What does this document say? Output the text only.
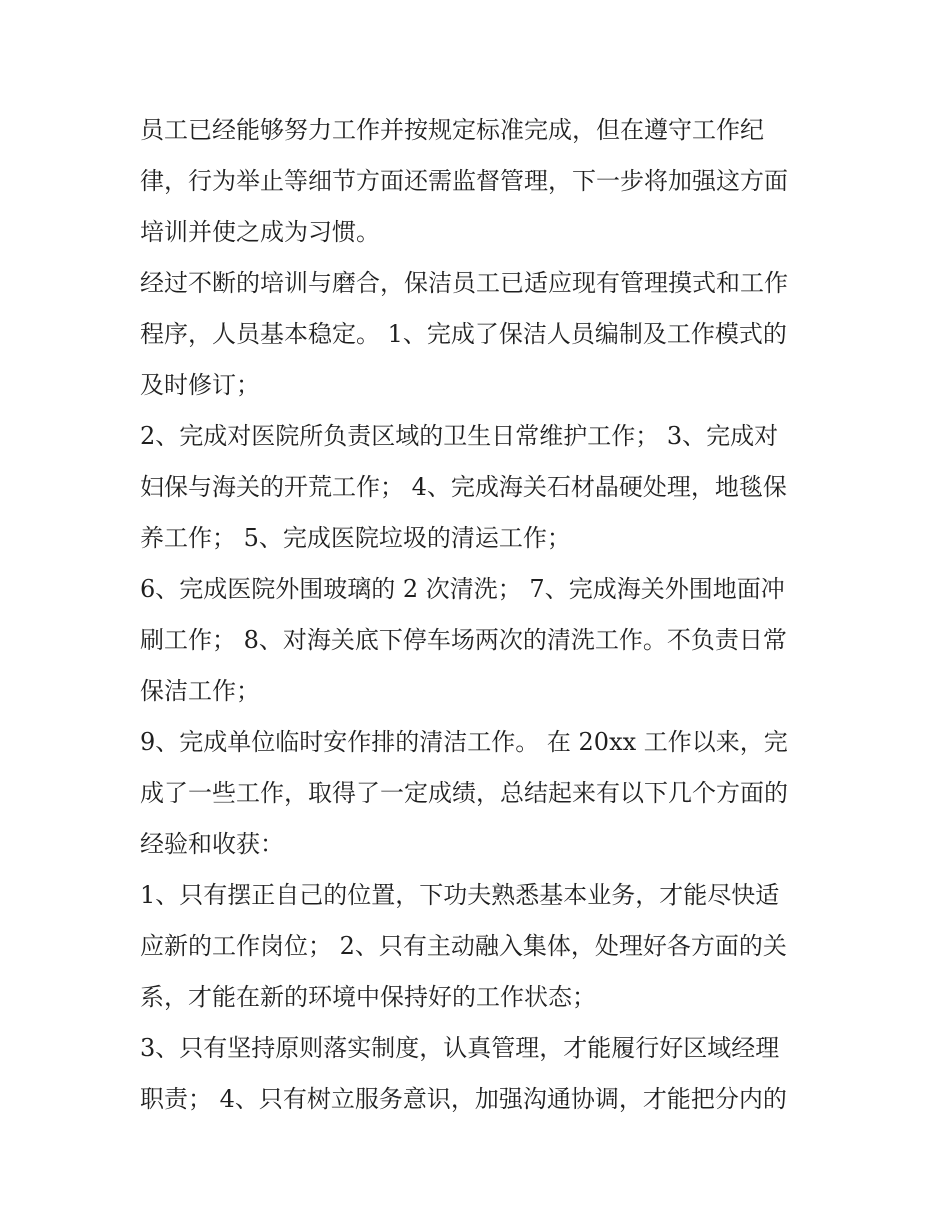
员工已经能够努力工作并按规定标准完成，但在遵守工作纪
律，行为举止等细节方面还需监督管理，下一步将加强这方面
培训并使之成为习惯。

经过不断的培训与磨合，保洁员工已适应现有管理摸式和工作
程序，人员基本稳定。 1、完成了保洁人员编制及工作模式的
及时修订；

2、完成对医院所负责区域的卫生日常维护工作； 3、完成对
妇保与海关的开荒工作； 4、完成海关石材晶硬处理，地毯保
养工作； 5、完成医院垃圾的清运工作；

6、完成医院外围玻璃的 2 次清洗； 7、完成海关外围地面冲
刷工作； 8、对海关底下停车场两次的清洗工作。不负责日常
保洁工作；

9、完成单位临时安作排的清洁工作。 在 20xx 工作以来，完
成了一些工作，取得了一定成绩，总结起来有以下几个方面的
经验和收获：

1、只有摆正自己的位置，下功夫熟悉基本业务，才能尽快适
应新的工作岗位； 2、只有主动融入集体，处理好各方面的关
系，才能在新的环境中保持好的工作状态；

3、只有坚持原则落实制度，认真管理，才能履行好区域经理
职责； 4、只有树立服务意识，加强沟通协调，才能把分内的
